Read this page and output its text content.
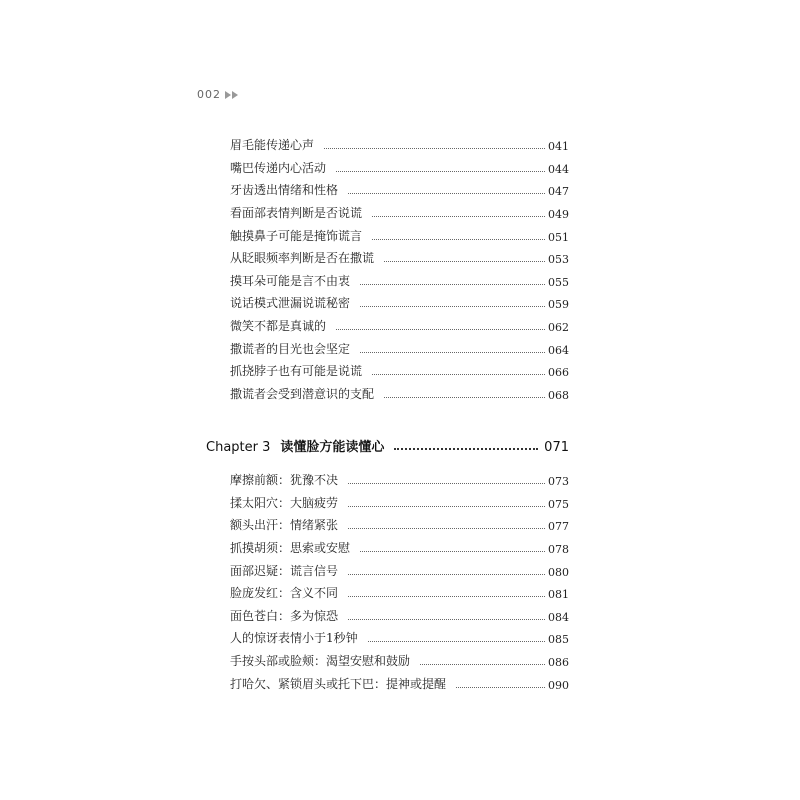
002
眉毛能传递心声	041
嘴巴传递内心活动	044
牙齿透出情绪和性格	047
看面部表情判断是否说谎	049
触摸鼻子可能是掩饰谎言	051
从眨眼频率判断是否在撒谎	053
摸耳朵可能是言不由衷	055
说话模式泄漏说谎秘密	059
微笑不都是真诚的	062
撒谎者的目光也会坚定	064
抓挠脖子也有可能是说谎	066
撒谎者会受到潜意识的支配	068
Chapter 3 读懂脸方能读懂心	071
摩擦前额：犹豫不决	073
揉太阳穴：大脑疲劳	075
额头出汗：情绪紧张	077
抓摸胡须：思索或安慰	078
面部迟疑：谎言信号	080
脸庞发红：含义不同	081
面色苍白：多为惊恐	084
人的惊讶表情小于1秒钟	085
手按头部或脸颊：渴望安慰和鼓励	086
打哈欠、紧锁眉头或托下巴：提神或提醒	090
